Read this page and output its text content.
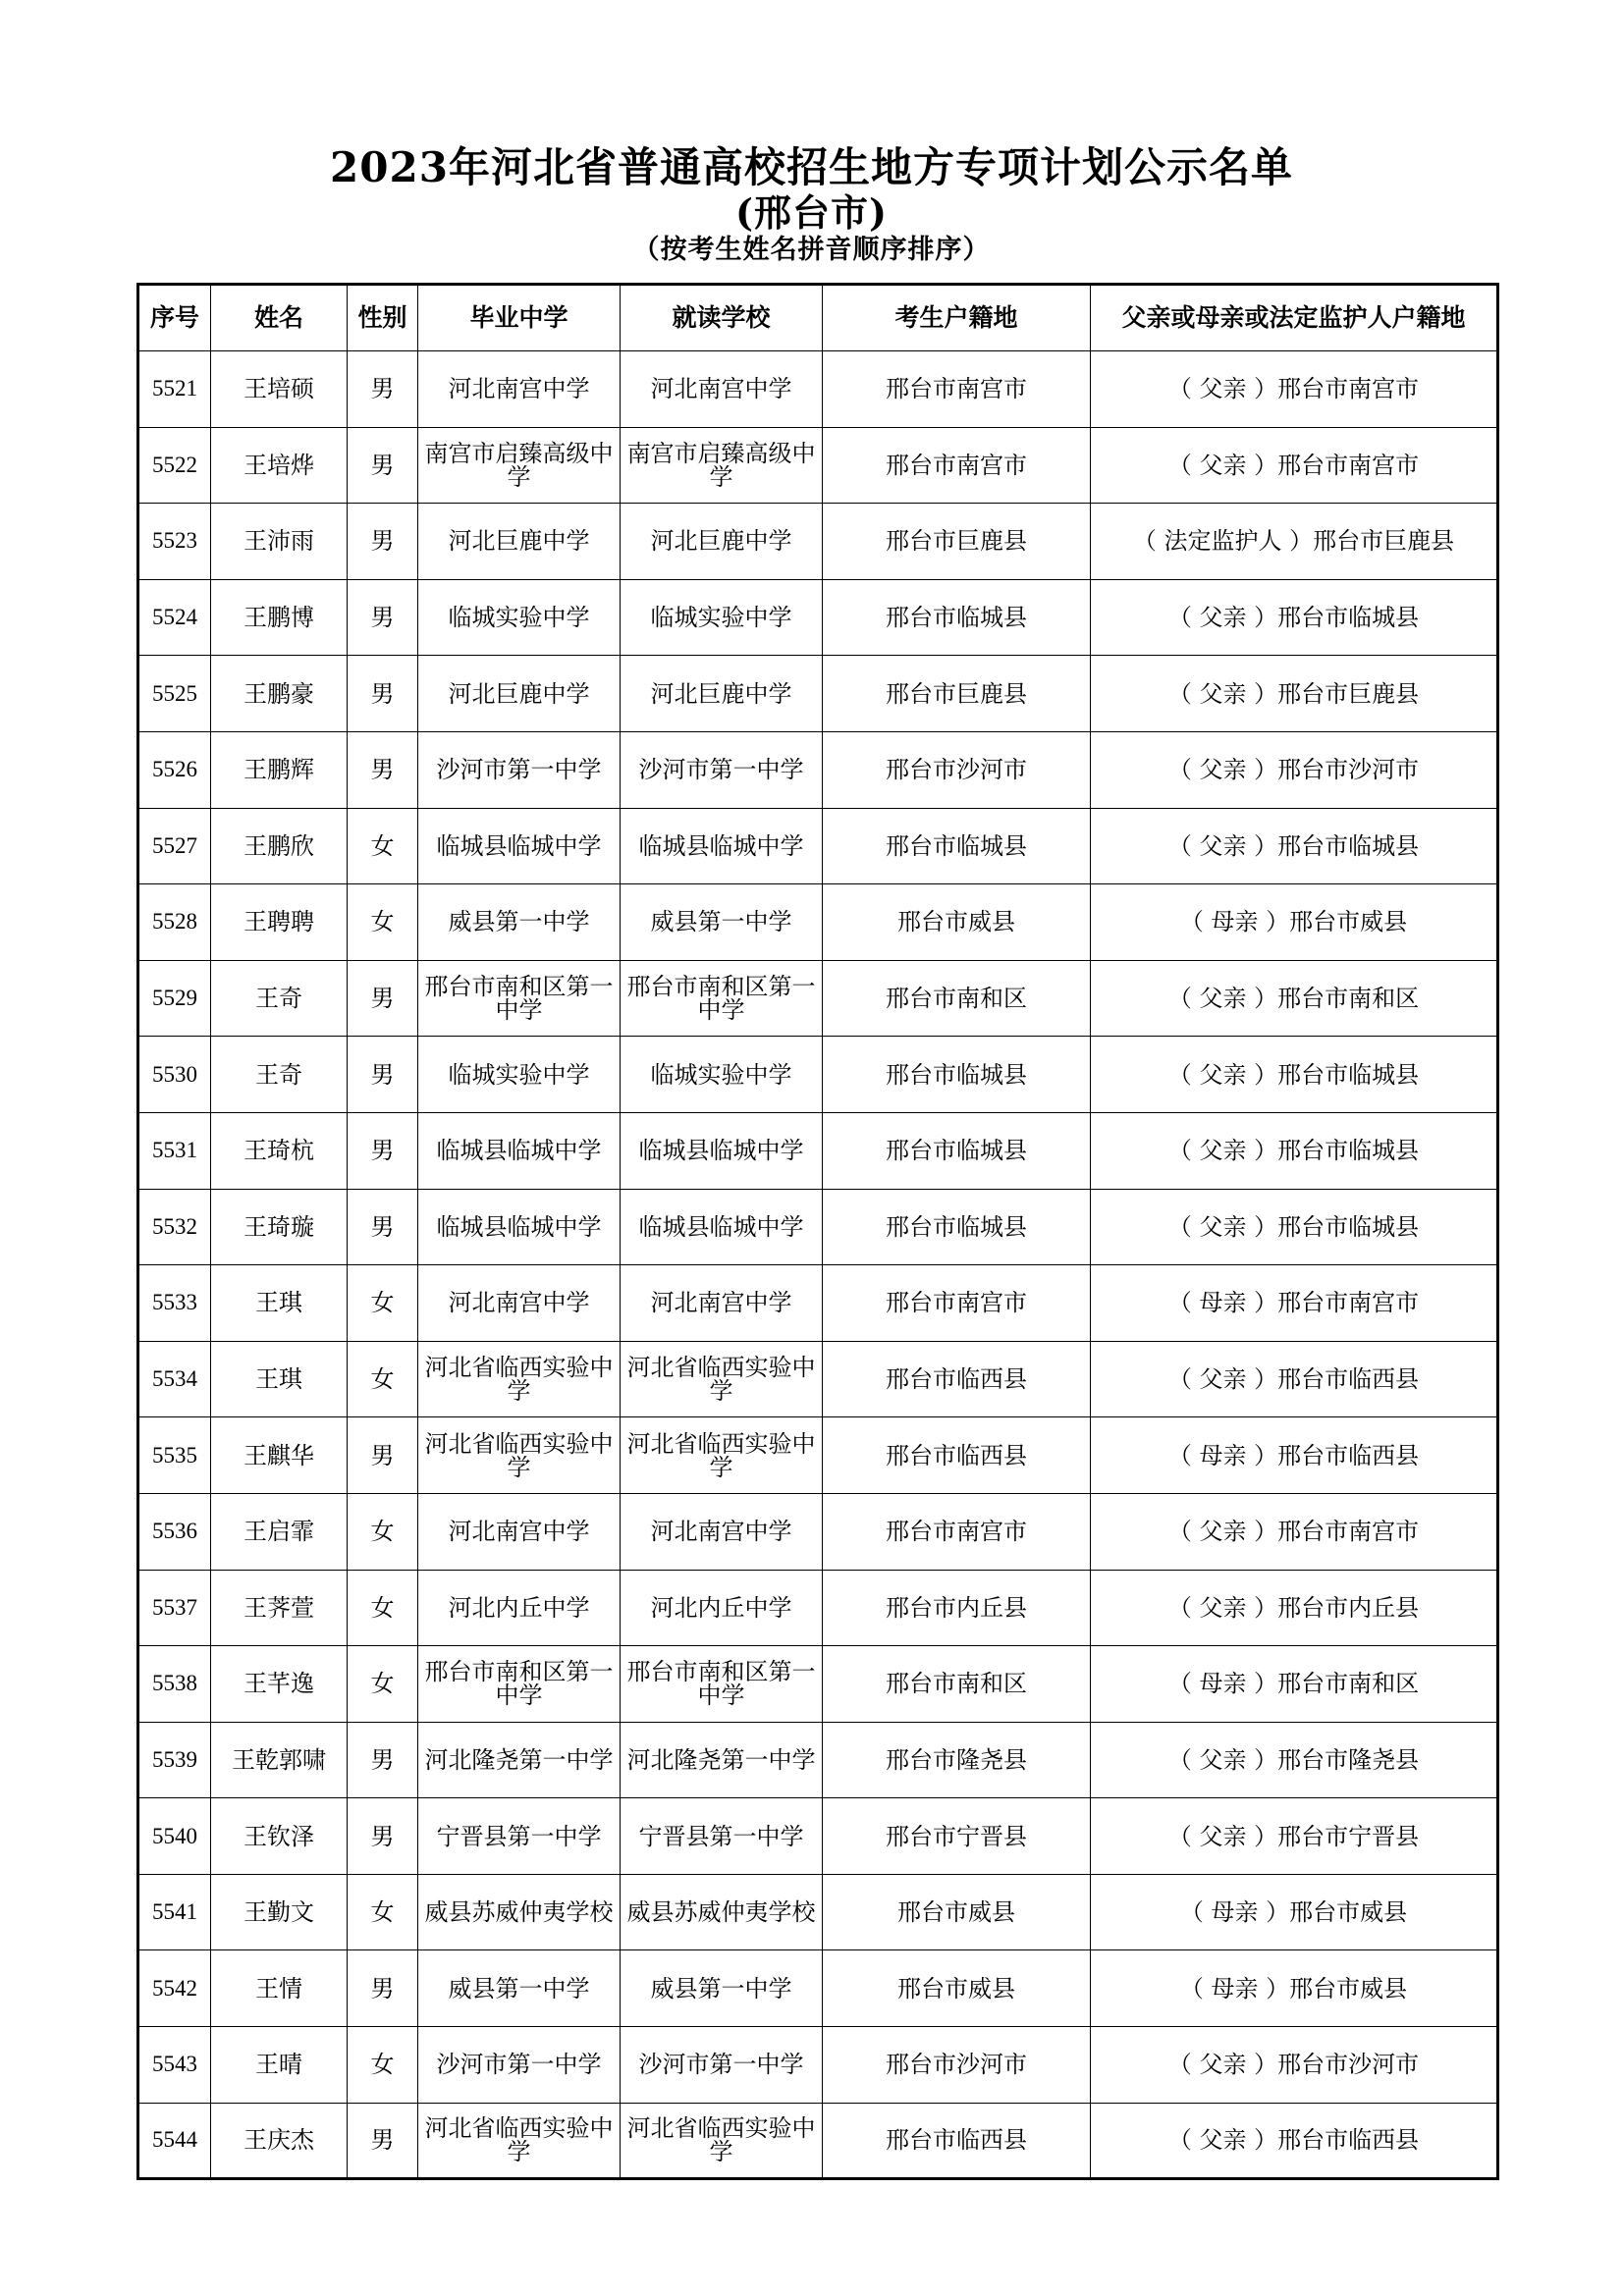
2023年河北省普通高校招生地方专项计划公示名单
(邢台市)
（按考生姓名拼音顺序排序）
序号	姓名	性别	毕业中学	就读学校	考生户籍地	父亲或母亲或法定监护人户籍地
5521	王培硕	男	河北南宫中学	河北南宫中学	邢台市南宫市	（ 父亲 ）邢台市南宫市
5522	王培烨	男	南宫市启臻高级中学	南宫市启臻高级中学	邢台市南宫市	（ 父亲 ）邢台市南宫市
5523	王沛雨	男	河北巨鹿中学	河北巨鹿中学	邢台市巨鹿县	（ 法定监护人 ）邢台市巨鹿县
5524	王鹏博	男	临城实验中学	临城实验中学	邢台市临城县	（ 父亲 ）邢台市临城县
5525	王鹏豪	男	河北巨鹿中学	河北巨鹿中学	邢台市巨鹿县	（ 父亲 ）邢台市巨鹿县
5526	王鹏辉	男	沙河市第一中学	沙河市第一中学	邢台市沙河市	（ 父亲 ）邢台市沙河市
5527	王鹏欣	女	临城县临城中学	临城县临城中学	邢台市临城县	（ 父亲 ）邢台市临城县
5528	王聘聘	女	威县第一中学	威县第一中学	邢台市威县	（ 母亲 ）邢台市威县
5529	王奇	男	邢台市南和区第一中学	邢台市南和区第一中学	邢台市南和区	（ 父亲 ）邢台市南和区
5530	王奇	男	临城实验中学	临城实验中学	邢台市临城县	（ 父亲 ）邢台市临城县
5531	王琦杭	男	临城县临城中学	临城县临城中学	邢台市临城县	（ 父亲 ）邢台市临城县
5532	王琦璇	男	临城县临城中学	临城县临城中学	邢台市临城县	（ 父亲 ）邢台市临城县
5533	王琪	女	河北南宫中学	河北南宫中学	邢台市南宫市	（ 母亲 ）邢台市南宫市
5534	王琪	女	河北省临西实验中学	河北省临西实验中学	邢台市临西县	（ 父亲 ）邢台市临西县
5535	王麒华	男	河北省临西实验中学	河北省临西实验中学	邢台市临西县	（ 母亲 ）邢台市临西县
5536	王启霏	女	河北南宫中学	河北南宫中学	邢台市南宫市	（ 父亲 ）邢台市南宫市
5537	王荠萱	女	河北内丘中学	河北内丘中学	邢台市内丘县	（ 父亲 ）邢台市内丘县
5538	王芊逸	女	邢台市南和区第一中学	邢台市南和区第一中学	邢台市南和区	（ 母亲 ）邢台市南和区
5539	王乾郭啸	男	河北隆尧第一中学	河北隆尧第一中学	邢台市隆尧县	（ 父亲 ）邢台市隆尧县
5540	王钦泽	男	宁晋县第一中学	宁晋县第一中学	邢台市宁晋县	（ 父亲 ）邢台市宁晋县
5541	王勤文	女	威县苏威仲夷学校	威县苏威仲夷学校	邢台市威县	（ 母亲 ）邢台市威县
5542	王情	男	威县第一中学	威县第一中学	邢台市威县	（ 母亲 ）邢台市威县
5543	王晴	女	沙河市第一中学	沙河市第一中学	邢台市沙河市	（ 父亲 ）邢台市沙河市
5544	王庆杰	男	河北省临西实验中学	河北省临西实验中学	邢台市临西县	（ 父亲 ）邢台市临西县
